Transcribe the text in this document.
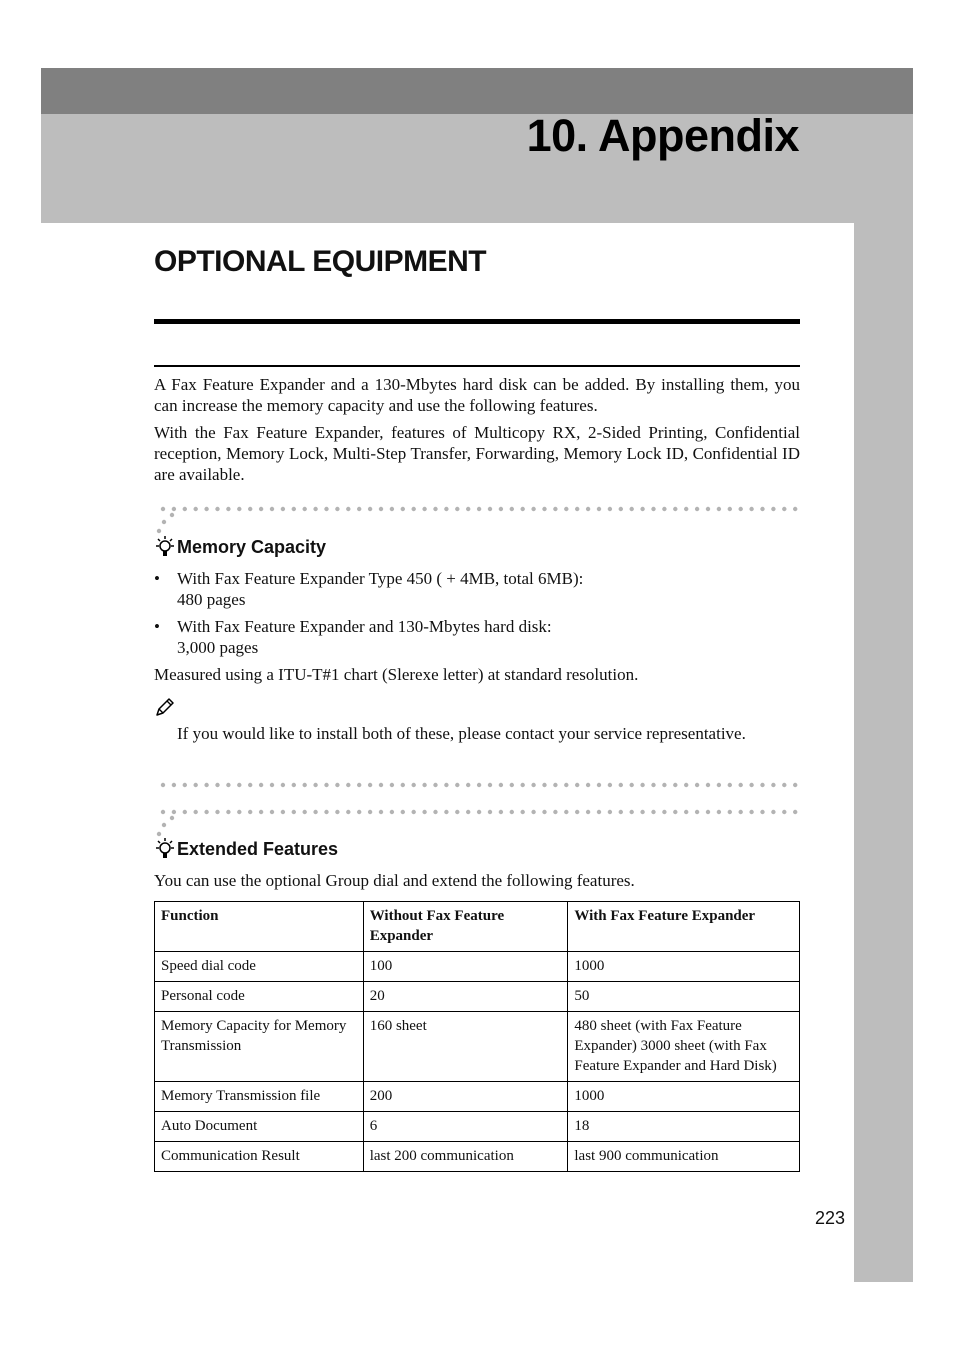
10. Appendix
OPTIONAL EQUIPMENT

A Fax Feature Expander and a 130-Mbytes hard disk can be added. By installing them, you can increase the memory capacity and use the following features.

With the Fax Feature Expander, features of Multicopy RX, 2-Sided Printing, Confidential reception, Memory Lock, Multi-Step Transfer, Forwarding, Memory Lock ID, Confidential ID are available.

Memory Capacity
•	With Fax Feature Expander Type 450 ( + 4MB, total 6MB):
480 pages
•	With Fax Feature Expander and 130-Mbytes hard disk:
3,000 pages

Measured using a ITU-T#1 chart (Slerexe letter) at standard resolution.

If you would like to install both of these, please contact your service representative.

Extended Features

You can use the optional Group dial and extend the following features.

Function	Without Fax Feature Expander	With Fax Feature Expander
Speed dial code	100	1000
Personal code	20	50
Memory Capacity for Memory Transmission	160 sheet	480 sheet (with Fax Feature Expander) 3000 sheet (with Fax Feature Expander and Hard Disk)
Memory Transmission file	200	1000
Auto Document	6	18
Communication Result	last 200 communication	last 900 communication
223
